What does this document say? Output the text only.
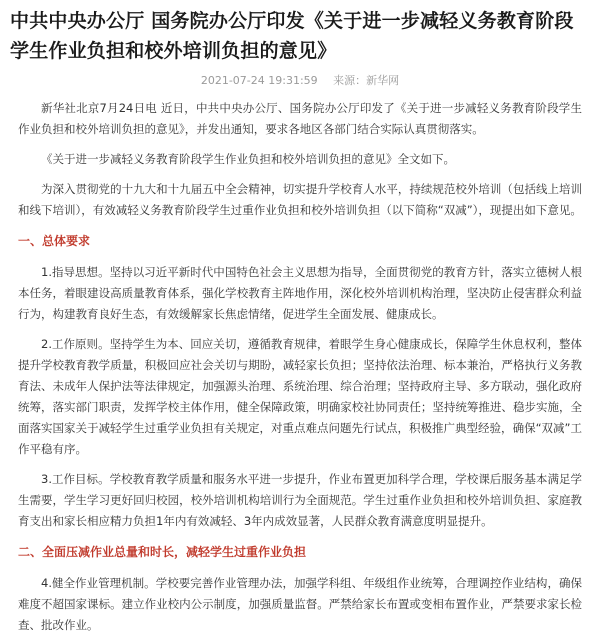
中共中央办公厅 国务院办公厅印发《关于进一步减轻义务教育阶段学生作业负担和校外培训负担的意见》
2021-07-24 19:31:59 来源：新华网

新华社北京7月24日电 近日，中共中央办公厅、国务院办公厅印发了《关于进一步减轻义务教育阶段学生作业负担和校外培训负担的意见》，并发出通知，要求各地区各部门结合实际认真贯彻落实。

《关于进一步减轻义务教育阶段学生作业负担和校外培训负担的意见》全文如下。

为深入贯彻党的十九大和十九届五中全会精神，切实提升学校育人水平，持续规范校外培训（包括线上培训和线下培训），有效减轻义务教育阶段学生过重作业负担和校外培训负担（以下简称“双减”），现提出如下意见。

一、总体要求

1.指导思想。坚持以习近平新时代中国特色社会主义思想为指导，全面贯彻党的教育方针，落实立德树人根本任务，着眼建设高质量教育体系，强化学校教育主阵地作用，深化校外培训机构治理，坚决防止侵害群众利益行为，构建教育良好生态，有效缓解家长焦虑情绪，促进学生全面发展、健康成长。

2.工作原则。坚持学生为本、回应关切，遵循教育规律，着眼学生身心健康成长，保障学生休息权利，整体提升学校教育教学质量，积极回应社会关切与期盼，减轻家长负担；坚持依法治理、标本兼治，严格执行义务教育法、未成年人保护法等法律规定，加强源头治理、系统治理、综合治理；坚持政府主导、多方联动，强化政府统筹，落实部门职责，发挥学校主体作用，健全保障政策，明确家校社协同责任；坚持统筹推进、稳步实施，全面落实国家关于减轻学生过重学业负担有关规定，对重点难点问题先行试点，积极推广典型经验，确保“双减”工作平稳有序。

3.工作目标。学校教育教学质量和服务水平进一步提升，作业布置更加科学合理，学校课后服务基本满足学生需要，学生学习更好回归校园，校外培训机构培训行为全面规范。学生过重作业负担和校外培训负担、家庭教育支出和家长相应精力负担1年内有效减轻、3年内成效显著，人民群众教育满意度明显提升。

二、全面压减作业总量和时长，减轻学生过重作业负担

4.健全作业管理机制。学校要完善作业管理办法，加强学科组、年级组作业统筹，合理调控作业结构，确保难度不超国家课标。建立作业校内公示制度，加强质量监督。严禁给家长布置或变相布置作业，严禁要求家长检查、批改作业。
